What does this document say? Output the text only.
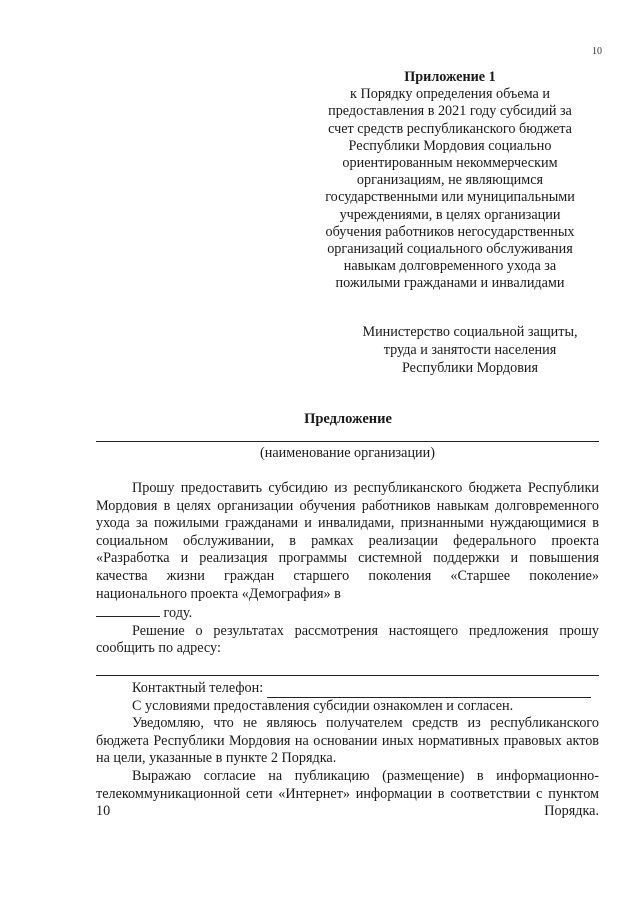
10
Приложение 1
к Порядку определения объема и
предоставления в 2021 году субсидий за
счет средств республиканского бюджета
Республики Мордовия социально
ориентированным некоммерческим
организациям, не являющимся
государственными или муниципальными
учреждениями, в целях организации
обучения работников негосударственных
организаций социального обслуживания
навыкам долговременного ухода за
пожилыми гражданами и инвалидами
Министерство социальной защиты,
труда и занятости населения
Республики Мордовия
Предложение
(наименование организации)

Прошу предоставить субсидию из республиканского бюджета Республики Мордовия в целях организации обучения работников навыкам долговременного ухода за пожилыми гражданами и инвалидами, признанными нуждающимися в социальном обслуживании, в рамках реализации федерального проекта «Разработка и реализация программы системной поддержки и повышения качества жизни граждан старшего поколения «Старшее поколение» национального проекта «Демография» в
году.

Решение о результатах рассмотрения настоящего предложения прошу сообщить по адресу:

Контактный телефон:

С условиями предоставления субсидии ознакомлен и согласен.

Уведомляю, что не являюсь получателем средств из республиканского бюджета Республики Мордовия на основании иных нормативных правовых актов на цели, указанные в пункте 2 Порядка.

Выражаю согласие на публикацию (размещение) в информационно-телекоммуникационной сети «Интернет» информации в соответствии с пунктом 10 Порядка.
